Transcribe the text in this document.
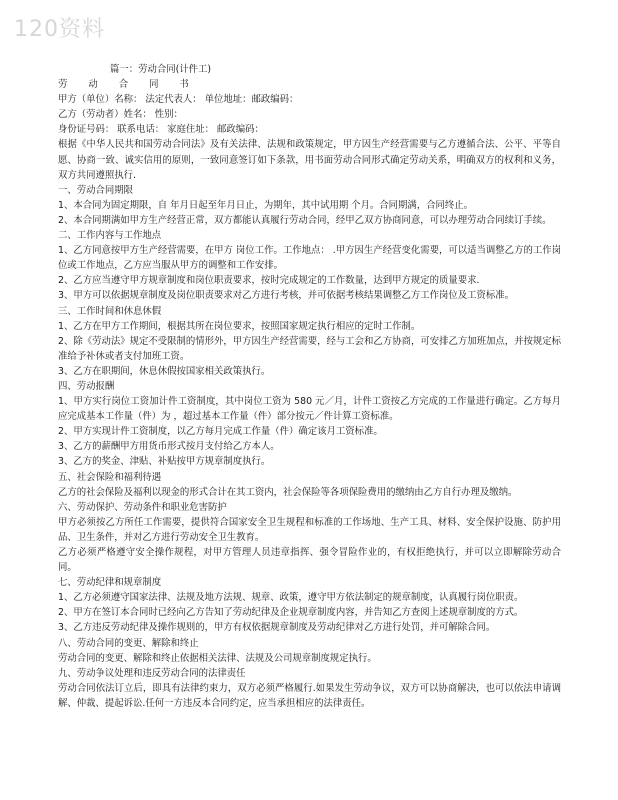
120资料

篇一：劳动合同(计件工)

劳 动 合 同 书

甲方（单位）名称： 法定代表人： 单位地址：邮政编码：

乙方（劳动者）姓名： 性别：

身份证号码： 联系电话： 家庭住址： 邮政编码：

根据《中华人民共和国劳动合同法》及有关法律、法规和政策规定，甲方因生产经营需要与乙方遵循合法、公平、平等自愿、协商一致、诚实信用的原则，一致同意签订如下条款，用书面劳动合同形式确定劳动关系，明确双方的权利和义务，双方共同遵照执行.

一、劳动合同期限

1、本合同为固定期限，自 年月日起至年月日止，为期年，其中试用期 个月。合同期满，合同终止。

2、本合同期满如甲方生产经营正常，双方都能认真履行劳动合同，经甲乙双方协商同意，可以办理劳动合同续订手续。

二、工作内容与工作地点

1、乙方同意按甲方生产经营需要，在甲方 岗位工作。工作地点： .甲方因生产经营变化需要，可以适当调整乙方的工作岗位或工作地点，乙方应当服从甲方的调整和工作安排。

2、乙方应当遵守甲方规章制度和岗位职责要求，按时完成规定的工作数量，达到甲方规定的质量要求.

3、甲方可以依据规章制度及岗位职责要求对乙方进行考核，并可依据考核结果调整乙方工作岗位及工资标准。

三、工作时间和休息休假

1、乙方在甲方工作期间，根据其所在岗位要求，按照国家规定执行相应的定时工作制。

2、除《劳动法》规定不受限制的情形外，甲方因生产经营需要，经与工会和乙方协商，可安排乙方加班加点，并按规定标准给予补休或者支付加班工资。

3、乙方在职期间，休息休假按国家相关政策执行。

四、劳动报酬

1、甲方实行岗位工资加计件工资制度，其中岗位工资为 580 元／月，计件工资按乙方完成的工作量进行确定。乙方每月应完成基本工作量（件）为 ，超过基本工作量（件）部分按元／件计算工资标准。

2、甲方实现计件工资制度，以乙方每月完成工作量（件）确定该月工资标准。

3、乙方的薪酬甲方用货币形式按月支付给乙方本人。

3、乙方的奖金、津贴、补贴按甲方规章制度执行。

五、社会保险和福利待遇

乙方的社会保险及福利以现金的形式合计在其工资内，社会保险等各项保险费用的缴纳由乙方自行办理及缴纳。

六、劳动保护、劳动条件和职业危害防护

甲方必须按乙方所任工作需要，提供符合国家安全卫生规程和标准的工作场地、生产工具、材料、安全保护设施、防护用品、卫生条件，并对乙方进行劳动安全卫生教育。

乙方必须严格遵守安全操作规程，对甲方管理人员违章指挥、强令冒险作业的，有权拒绝执行，并可以立即解除劳动合同。

七、劳动纪律和规章制度

1、乙方必须遵守国家法律、法规及地方法规、规章、政策，遵守甲方依法制定的规章制度，认真履行岗位职责。

2、甲方在签订本合同时已经向乙方告知了劳动纪律及企业规章制度内容，并告知乙方查阅上述规章制度的方式。

3、乙方违反劳动纪律及操作规则的，甲方有权依据规章制度及劳动纪律对乙方进行处罚，并可解除合同。

八、劳动合同的变更、解除和终止

劳动合同的变更、解除和终止依据相关法律、法规及公司规章制度规定执行。

九、劳动争议处理和违反劳动合同的法律责任

劳动合同依法订立后，即具有法律约束力，双方必须严格履行.如果发生劳动争议，双方可以协商解决，也可以依法申请调解、仲裁、提起诉讼.任何一方违反本合同约定，应当承担相应的法律责任。
